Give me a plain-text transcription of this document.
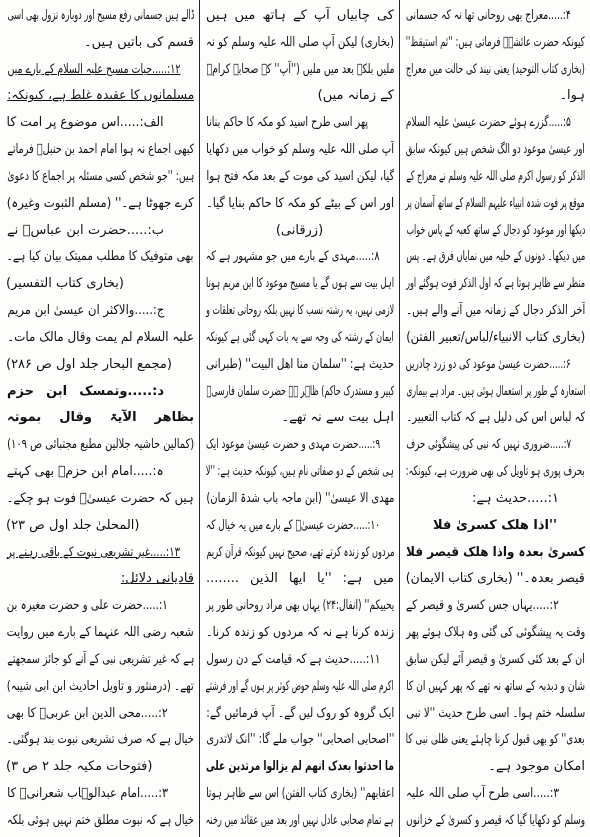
ڈالے ہیں جسمانی رفع مسیح اور دوبارہ نزول بھی اسی
قسم کی باتیں ہیں۔
۱۲:.....حیات مسیح علیہ السلام کے بارے میں
مسلمانوں کا عقیدہ غلط ہے، کیونکہ:
الف:.....اس موضوع پر امت کا
کبھی اجماع نہ ہوا امام احمد بن حنبلؒ فرماتے
ہیں: ''جو شخص کسی مسئلہ پر اجماع کا دعویٰ
کرے جھوٹا ہے۔'' (مسلم الثبوت وغیرہ)
ب:.....حضرت ابن عباسؓ نے
بھی متوفیک کا مطلب ممیتک بیان کیا ہے۔
(بخاری کتاب التفسیر)
ج:.....والاکثر ان عیسیٰ ابن مریم
علیہ السلام لم یمت وقال مالک مات۔
(مجمع البحار جلد اول ص ۲۸۶)
د:.....وتمسک ابن حزم
بظاھر الآیۃ وقال بموتہ
(کمالین حاشیہ جلالین مطبع مجتبائی ص ۱۰۹)
ہ:.....امام ابن حزمؒ بھی کہتے
ہیں کہ حضرت عیسیٰؑ فوت ہو چکے۔
(المحلیٰ جلد اول ص ۲۳)
۱۳:.....غیر تشریعی نبوت کے باقی رہنے پر
قادیانی دلائل:
۱:.....حضرت علی و حضرت مغیرہ بن
شعبہ رضی اللہ عنہما کے بارے میں روایت
ہے کہ غیر تشریعی نبی کے آنے کو جائز سمجھتے
تھے۔ (درمنثور و تاویل احادیث ابن ابی شیبہ)
۲:.....محی الدین ابن عربیؒ کا بھی
خیال ہے کہ صرف تشریعی نبوت بند ہوگئی۔
(فتوحات مکیہ جلد ۲ ص ۳)
۳:.....امام عبدالوہاب شعرانیؒ کا
خیال ہے کہ نبوت مطلق ختم نہیں ہوئی بلکہ
کی چابیاں آپ کے ہاتھ میں ہیں
(بخاری) لیکن آپ صلی اللہ علیہ وسلم کو نہ
ملیں بلکہ بعد میں ملیں (''آپ'' کے صحابہ کرامؓ
کے زمانہ میں)
پھر اسی طرح اسید کو مکہ کا حاکم بنانا
آپ صلی اللہ علیہ وسلم کو خواب میں دکھایا
گیا، لیکن اسید کی موت کے بعد مکہ فتح ہوا
اور اس کے بیٹے کو مکہ کا حاکم بنایا گیا۔
(زرقانی)
۸:.....مہدی کے بارے میں جو مشہور ہے کہ
اہل بیت سے ہوں گے یا مسیح موعود کا ابن مریم ہونا
لازمی نہیں، یہ رشتہ نسب کا نہیں بلکہ روحانی تعلقات و
ایمان کے رشتہ کی وجہ سے یہ بات کہی گئی ہے کیونکہ
حدیث ہے: ''سلمان منا اھل البیت'' (طبرانی
کبیر و مستدرک حاکم) ظاہر ہے حضرت سلمان فارسیؓ
اہل بیت سے نہ تھے۔
۹:.....حضرت مہدی و حضرت عیسیٰ موعود ایک
ہی شخص کے دو صفاتی نام ہیں، کیونکہ حدیث ہے: ''لا
مھدی الا عیسیٰ'' (ابن ماجہ باب شدۃ الزمان)
۱۰:.....حضرت عیسیٰؑ کے بارے میں یہ خیال کہ
مردوں کو زندہ کرتے تھے، صحیح نہیں کیونکہ قرآن کریم
میں ہے: ''یا ایھا الذین ........
یحییکم'' (انفال:۲۴) یہاں بھی مراد روحانی طور پر
زندہ کرنا ہے نہ کہ مردوں کو زندہ کرنا۔
۱۱:.....حدیث ہے کہ قیامت کے دن رسول
اکرم صلی اللہ علیہ وسلم حوض کوثر پر ہوں گے اور فرشتے
ایک گروہ کو روک لیں گے۔ آپ فرمائیں گے:
''اصحابی اصحابی'' جواب ملے گا: ''انک لاتدری
ما احدثوا بعدک انھم لم یزالوا مرتدین علی
اعقابھم'' (بخاری کتاب الفتن) اس سے ظاہر ہوتا
ہے تمام صحابی عادل نہیں اور بعد میں عقائد میں رخنہ
۴:.....معراج بھی روحانی تھا نہ کہ جسمانی
کیونکہ حضرت عائشہؓ فرماتی ہیں: ''ثم استیقظ''
(بخاری کتاب التوحید) یعنی نیند کی حالت میں معراج
ہوا۔
۵:.....گزرے ہوئے حضرت عیسیٰ علیہ السلام
اور عیسیٰ موعود دو الگ شخص ہیں کیونکہ سابق
الذکر کو رسول اکرم صلی اللہ علیہ وسلم نے معراج کے
موقع پر فوت شدہ انبیاء علیہم السلام کے ساتھ آسمان پر
دیکھا اور موعود کو دجال کے ساتھ کعبہ کے پاس خواب
میں دیکھا۔ دونوں کے حلیہ میں نمایاں فرق ہے۔ پس
منظر سے ظاہر ہوتا ہے کہ اول الذکر فوت ہوگئے اور
آخر الذکر دجال کے زمانہ میں آنے والے ہیں۔
(بخاری کتاب الانبیاء/لباس/تعبیر الفتن)
۶:.....حضرت عیسیٰ موعود کی دو زرد چادریں
استعارہ کے طور پر استعمال ہوئی ہیں۔ مراد ہے بیماری
کہ لباس اس کی دلیل ہے کہ کتاب التعبیر۔
۷:.....ضروری نہیں کہ نبی کی پیشگوئی حرف
بحرف پوری ہو تاویل کی بھی ضرورت ہے، کیونکہ:
۱:.....حدیث ہے:
''اذا ھلک کسریٰ فلا
کسریٰ بعدہ واذا ھلک قیصر فلا
قیصر بعدہ۔'' (بخاری کتاب الایمان)
۲:.....یہاں جس کسریٰ و قیصر کے
وقت یہ پیشگوئی کی گئی وہ ہلاک ہوئے پھر
ان کے بعد کئی کسریٰ و قیصر آئے لیکن سابق
شان و دبدبہ کے ساتھ نہ تھے کہ پھر کہیں ان کا
سلسلہ ختم ہوا۔ اسی طرح حدیث ''لا نبی
بعدی'' کو بھی قبول کرنا چاہئے یعنی ظلی نبی کا
امکان موجود ہے۔
۳:.....اسی طرح آپ صلی اللہ علیہ
وسلم کو دکھایا گیا کہ قیصر و کسریٰ کے خزانوں
